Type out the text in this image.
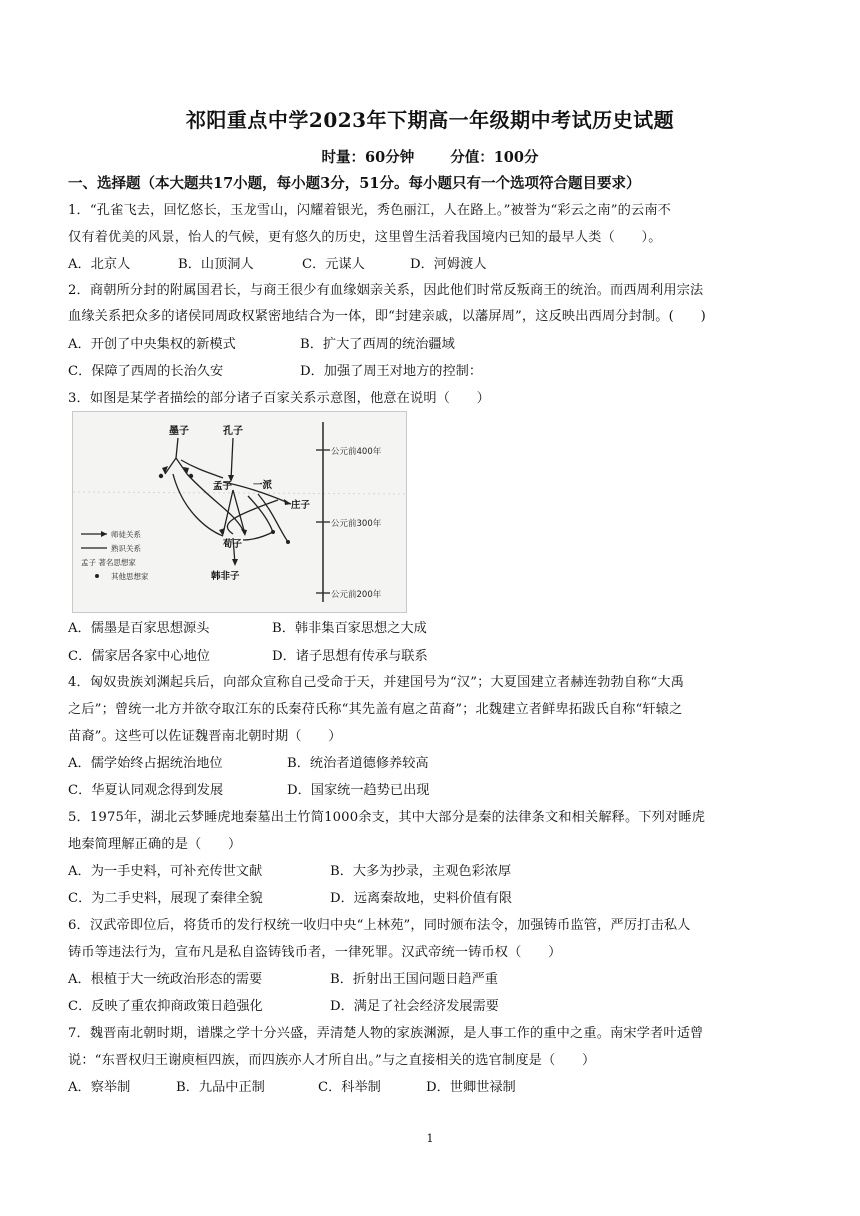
祁阳重点中学2023年下期高一年级期中考试历史试题
时量：60分钟 分值：100分
一、选择题（本大题共17小题，每小题3分，51分。每小题只有一个选项符合题目要求）
1．“孔雀飞去，回忆悠长，玉龙雪山，闪耀着银光，秀色丽江，人在路上。”被誉为“彩云之南”的云南不
仅有着优美的风景，怡人的气候，更有悠久的历史，这里曾生活着我国境内已知的最早人类（　　）。
A．北京人	B．山顶洞人	C．元谋人	D．河姆渡人
2．商朝所分封的附属国君长，与商王很少有血缘姻亲关系，因此他们时常反叛商王的统治。而西周利用宗法
血缘关系把众多的诸侯同周政权紧密地结合为一体，即“封建亲戚，以藩屏周”，这反映出西周分封制。(　　)
A．开创了中央集权的新模式	B．扩大了西周的统治疆域
C．保障了西周的长治久安	D．加强了周王对地方的控制：
3．如图是某学者描绘的部分诸子百家关系示意图，他意在说明（　　）
公元前400年
公元前300年
公元前200年
墨子	孔子
孟子 一派
庄子
荀子
韩非子
师徒关系
熟识关系
孟子 著名思想家
其他思想家
A．儒墨是百家思想源头	B．韩非集百家思想之大成
C．儒家居各家中心地位	D．诸子思想有传承与联系
4．匈奴贵族刘渊起兵后，向部众宣称自己受命于天，并建国号为“汉”；大夏国建立者赫连勃勃自称“大禹
之后”；曾统一北方并欲夺取江东的氐秦苻氏称“其先盖有扈之苗裔”；北魏建立者鲜卑拓跋氏自称“轩辕之
苗裔”。这些可以佐证魏晋南北朝时期（　　）
A．儒学始终占据统治地位	B．统治者道德修养较高
C．华夏认同观念得到发展	D．国家统一趋势已出现
5．1975年，湖北云梦睡虎地秦墓出土竹简1000余支，其中大部分是秦的法律条文和相关解释。下列对睡虎
地秦简理解正确的是（　　）
A．为一手史料，可补充传世文献	B．大多为抄录，主观色彩浓厚
C．为二手史料，展现了秦律全貌	D．远离秦故地，史料价值有限
6．汉武帝即位后，将货币的发行权统一收归中央“上林苑”，同时颁布法令，加强铸币监管，严厉打击私人
铸币等违法行为，宣布凡是私自盗铸钱币者，一律死罪。汉武帝统一铸币权（　　）
A．根植于大一统政治形态的需要	B．折射出王国问题日趋严重
C．反映了重农抑商政策日趋强化	D．满足了社会经济发展需要
7．魏晋南北朝时期，谱牒之学十分兴盛，弄清楚人物的家族渊源，是人事工作的重中之重。南宋学者叶适曾
说：“东晋权归王谢庾桓四族，而四族亦人才所自出。”与之直接相关的选官制度是（　　）
A．察举制	B．九品中正制	C．科举制	D．世卿世禄制
1
